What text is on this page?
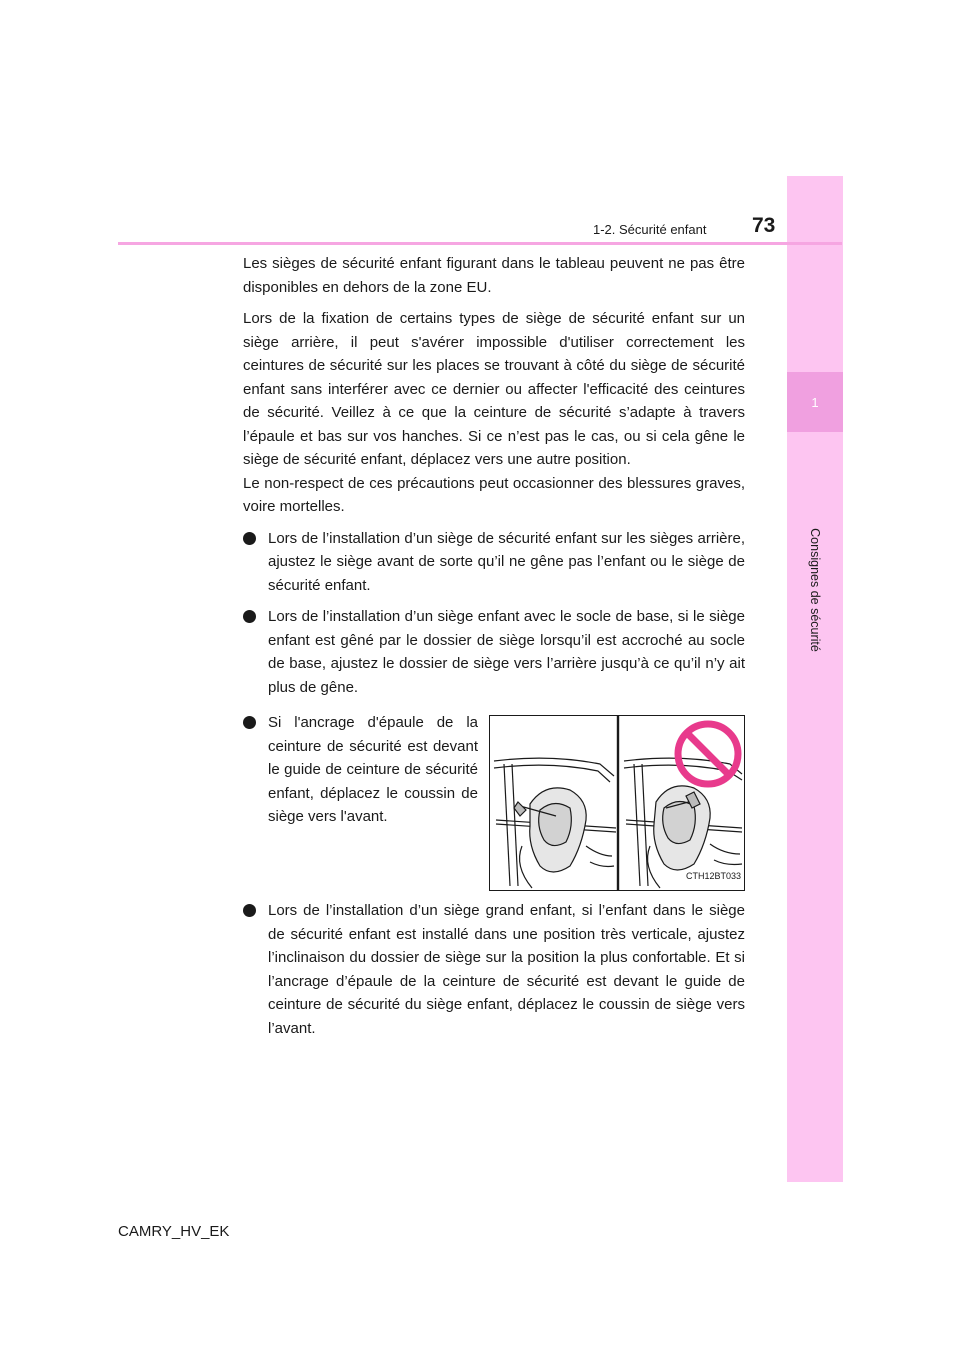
1
Consignes de sécurité
1-2. Sécurité enfant 73

Les sièges de sécurité enfant figurant dans le tableau peuvent ne pas être disponibles en dehors de la zone EU.

Lors de la fixation de certains types de siège de sécurité enfant sur un siège arrière, il peut s'avérer impossible d'utiliser correctement les ceintures de sécurité sur les places se trouvant à côté du siège de sécurité enfant sans interférer avec ce dernier ou affecter l'efficacité des ceintures de sécurité. Veillez à ce que la ceinture de sécurité s’adapte à travers l’épaule et bas sur vos hanches. Si ce n’est pas le cas, ou si cela gêne le siège de sécurité enfant, déplacez vers une autre position.

Le non-respect de ces précautions peut occasionner des blessures graves, voire mortelles.

Lors de l’installation d’un siège de sécurité enfant sur les sièges arrière, ajustez le siège avant de sorte qu’il ne gêne pas l’enfant ou le siège de sécurité enfant.
Lors de l’installation d’un siège enfant avec le socle de base, si le siège enfant est gêné par le dossier de siège lorsqu’il est accroché au socle de base, ajustez le dossier de siège vers l’arrière jusqu’à ce qu’il n’y ait plus de gêne.
Si l'ancrage d'épaule de la ceinture de sécurité est devant le guide de ceinture de sécurité enfant, déplacez le coussin de siège vers l'avant.
CTH12BT033
Lors de l’installation d’un siège grand enfant, si l’enfant dans le siège de sécurité enfant est installé dans une position très verticale, ajustez l’inclinaison du dossier de siège sur la position la plus confortable. Et si l’ancrage d’épaule de la ceinture de sécurité est devant le guide de ceinture de sécurité du siège enfant, déplacez le coussin de siège vers l’avant.
CAMRY_HV_EK
